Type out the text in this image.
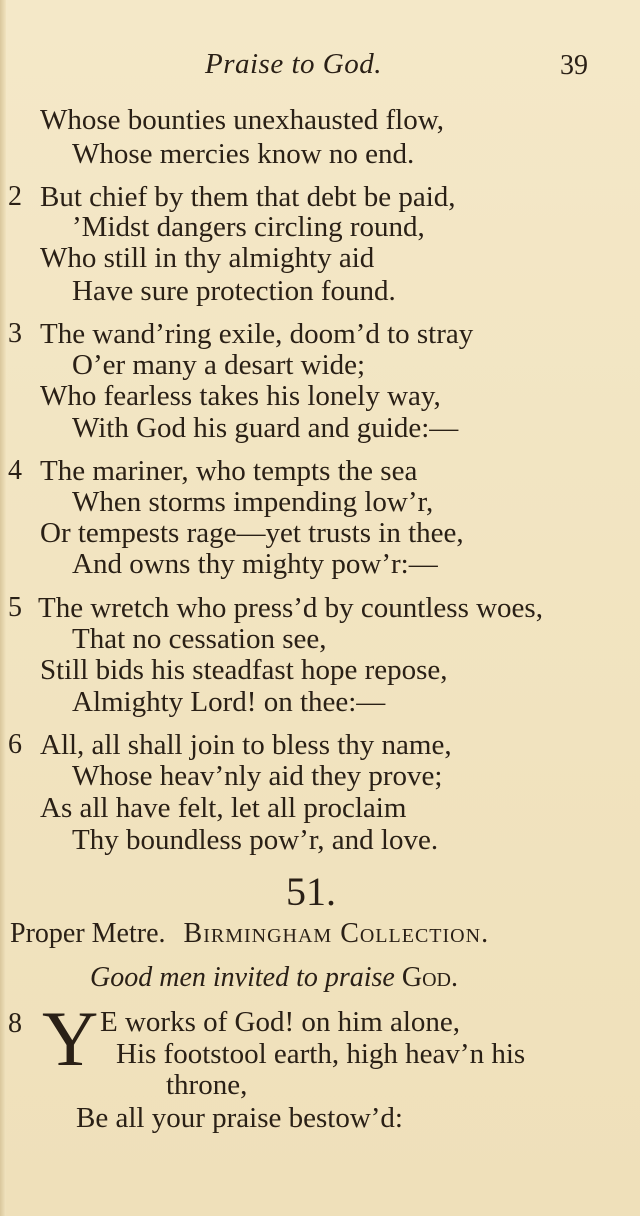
Praise to God.	39
Whose bounties unexhausted flow,
Whose mercies know no end.
2 But chief by them that debt be paid,
’Midst dangers circling round,
Who still in thy almighty aid
Have sure protection found.
3 The wand’ring exile, doom’d to stray
O’er many a desart wide;
Who fearless takes his lonely way,
With God his guard and guide:—
4 The mariner, who tempts the sea
When storms impending low’r,
Or tempests rage—yet trusts in thee,
And owns thy mighty pow’r:—
5 The wretch who press’d by countless woes,
That no cessation see,
Still bids his steadfast hope repose,
Almighty Lord! on thee:—
6 All, all shall join to bless thy name,
Whose heav’nly aid they prove;
As all have felt, let all proclaim
Thy boundless pow’r, and love.
51.
Proper Metre. Birmingham Collection.
Good men invited to praise God.
8 Y E works of God! on him alone,
His footstool earth, high heav’n his
throne,
Be all your praise bestow’d:
